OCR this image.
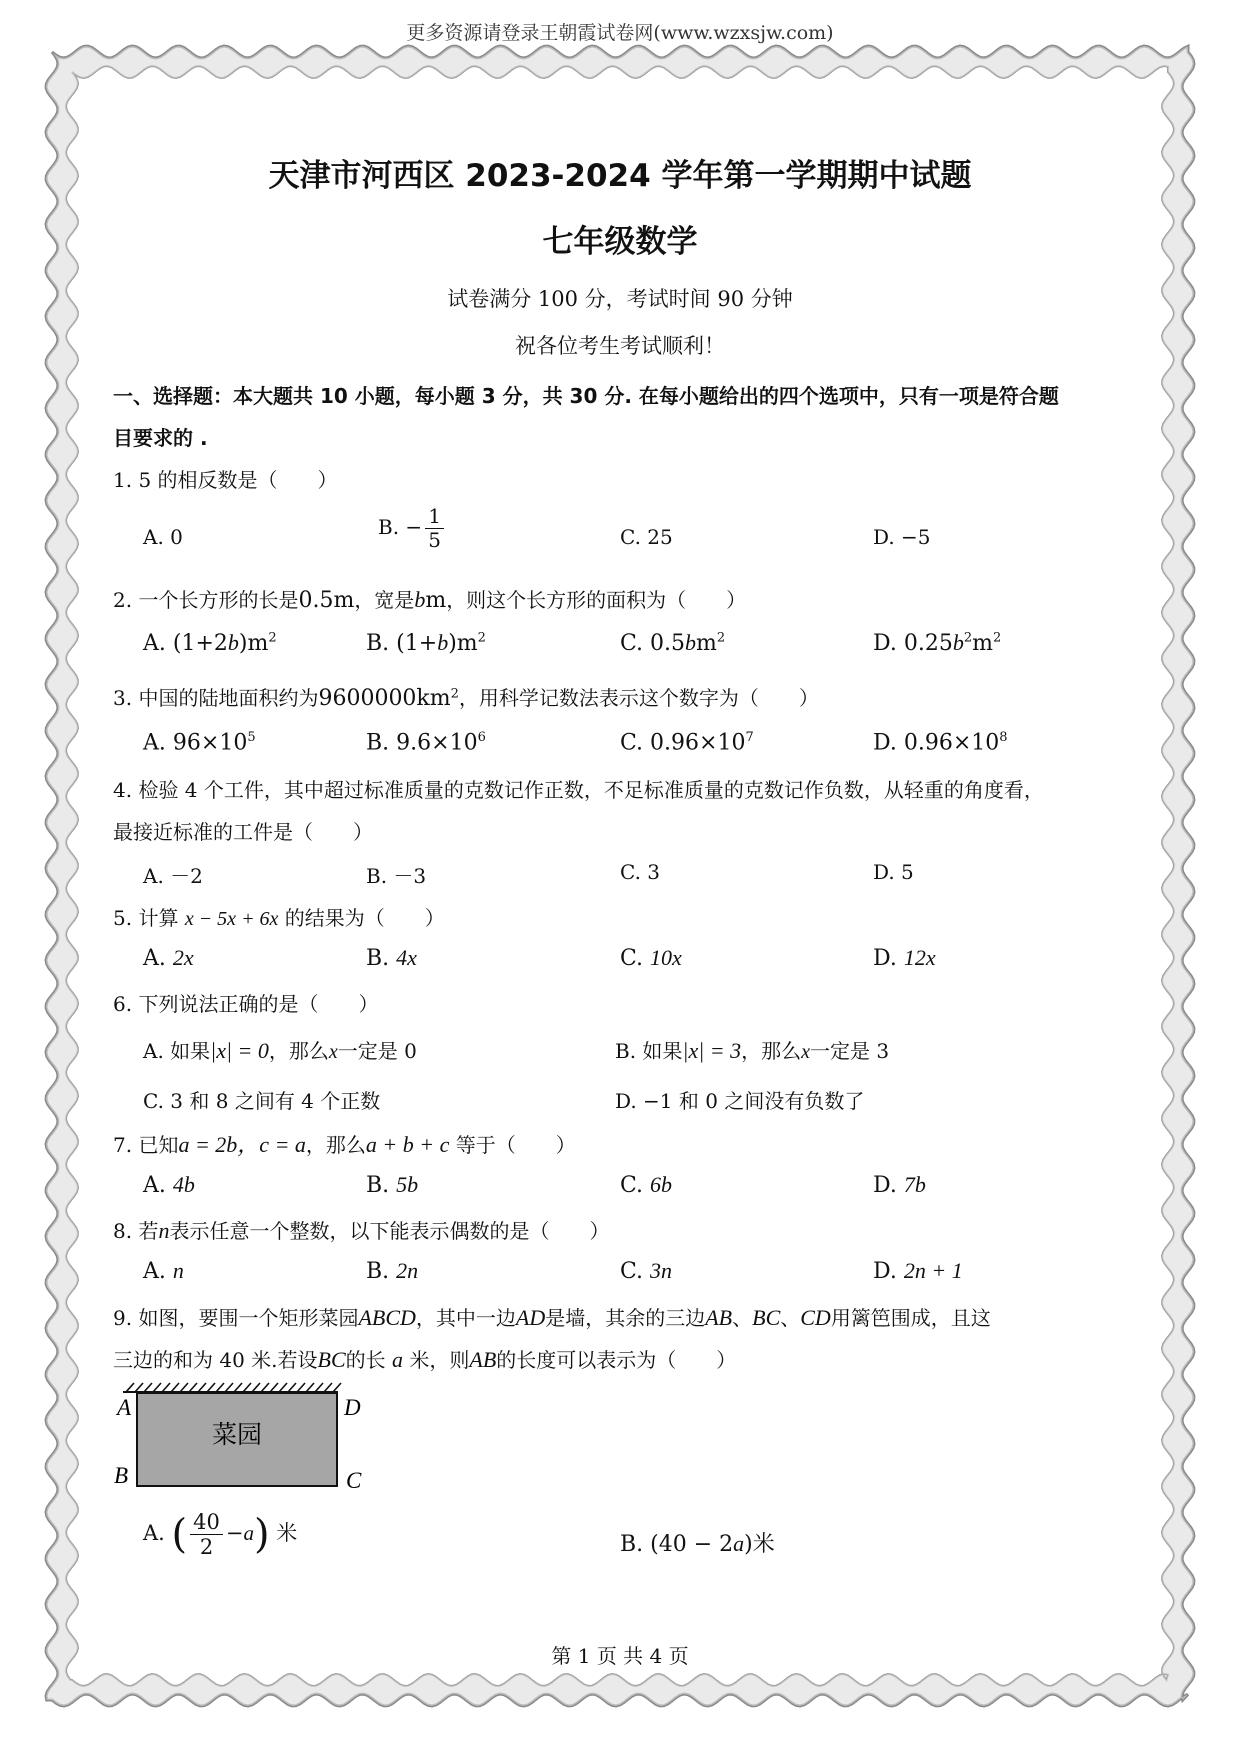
更多资源请登录王朝霞试卷网(www.wzxsjw.com)
天津市河西区 2023-2024 学年第一学期期中试题
七年级数学
试卷满分 100 分，考试时间 90 分钟
祝各位考生考试顺利！
一、选择题：本大题共 10 小题，每小题 3 分，共 30 分. 在每小题给出的四个选项中，只有一项是符合题
目要求的 .
1. 5 的相反数是（　　）
A. 0	B. − $\frac{1}{5}$	C. 25	D. −5
2. 一个长方形的长是0.5m，宽是bm，则这个长方形的面积为（　　）
A. $(1+2b)m^2$	B. $(1+b)m^2$	C. $0.5bm^2$	D. $0.25b^2m^2$
3. 中国的陆地面积约为$9600000km^2$，用科学记数法表示这个数字为（　　）
A. $96\times 10^5$	B. $9.6\times 10^6$	C. $0.96\times 10^7$	D. $0.96\times 10^8$
4. 检验 4 个工件，其中超过标准质量的克数记作正数，不足标准质量的克数记作负数，从轻重的角度看，
最接近标准的工件是（　　）
A. －2	B. －3	C. 3	D. 5
5. 计算 x − 5x + 6x 的结果为（　　）
A. 2x	B. 4x	C. 10x	D. 12x
6. 下列说法正确的是（　　）
A. 如果|x| = 0，那么x一定是 0	B. 如果|x| = 3，那么x一定是 3
C. 3 和 8 之间有 4 个正数	D. −1 和 0 之间没有负数了
7. 已知a = 2b，c = a，那么a + b + c 等于（　　）
A. 4b	B. 5b	C. 6b	D. 7b
8. 若n表示任意一个整数，以下能表示偶数的是（　　）
A. n	B. 2n	C. 3n	D. 2n + 1
9. 如图，要围一个矩形菜园ABCD，其中一边AD是墙，其余的三边AB、BC、CD用篱笆围成，且这
三边的和为 40 米.若设BC的长 a 米，则AB的长度可以表示为（　　）
菜园
A	D
B	C
A. ( $\frac{40}{2} -a$) 米	B. (40 − 2a)米
第 1 页 共 4 页
